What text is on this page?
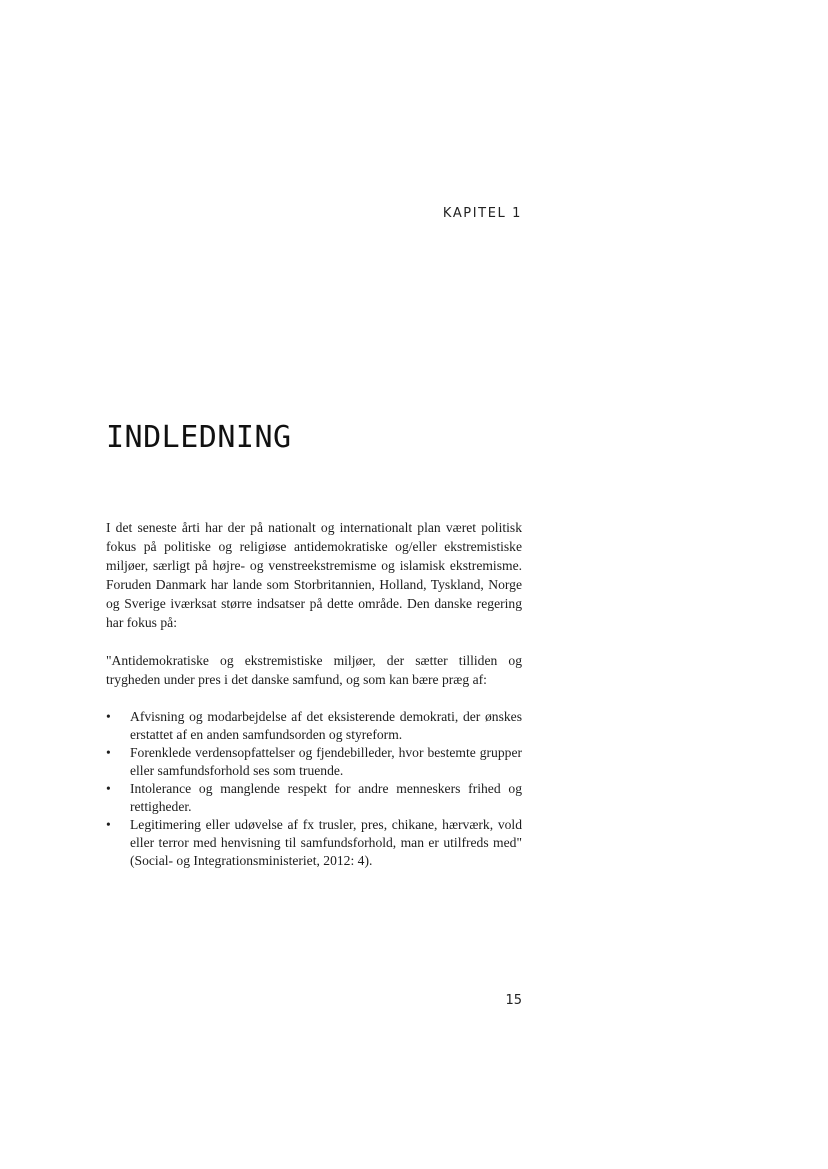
KAPITEL 1
INDLEDNING

I det seneste årti har der på nationalt og internationalt plan været politisk fokus på politiske og religiøse antidemokratiske og/eller ekstremistiske miljøer, særligt på højre- og venstreekstremisme og islamisk ekstremisme. Foruden Danmark har lande som Storbritannien, Holland, Tyskland, Norge og Sverige iværksat større indsatser på dette område. Den danske regering har fokus på:

"Antidemokratiske og ekstremistiske miljøer, der sætter tilliden og trygheden under pres i det danske samfund, og som kan bære præg af:

• Afvisning og modarbejdelse af det eksisterende demokrati, der ønskes erstattet af en anden samfundsorden og styreform.
• Forenklede verdensopfattelser og fjendebilleder, hvor bestemte grupper eller samfundsforhold ses som truende.
• Intolerance og manglende respekt for andre menneskers frihed og rettigheder.
• Legitimering eller udøvelse af fx trusler, pres, chikane, hærværk, vold eller terror med henvisning til samfundsforhold, man er utilfreds med" (Social- og Integrationsministeriet, 2012: 4).
15
